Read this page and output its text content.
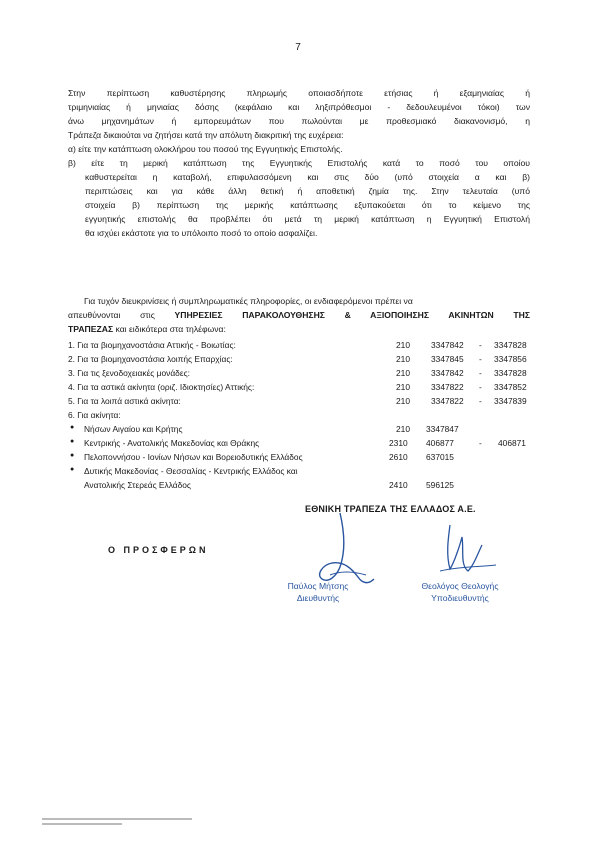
7
Στην περίπτωση καθυστέρησης πληρωμής οποιασδήποτε ετήσιας ή εξαμηνιαίας ή
τριμηνιαίας ή μηνιαίας δόσης (κεφάλαιο και ληξιπρόθεσμοι - δεδουλευμένοι τόκοι) των
άνω μηχανημάτων ή εμπορευμάτων που πωλούνται με προθεσμιακό διακανονισμό, η
Τράπεζα δικαιούται να ζητήσει κατά την απόλυτη διακριτική της ευχέρεια:
α) είτε την κατάπτωση ολοκλήρου του ποσού της Εγγυητικής Επιστολής.
β) είτε τη μερική κατάπτωση της Εγγυητικής Επιστολής κατά το ποσό του οποίου
καθυστερείται η καταβολή, επιφυλασσόμενη και στις δύο (υπό στοιχεία α και β)
περιπτώσεις και για κάθε άλλη θετική ή αποθετική ζημία της. Στην τελευταία (υπό
στοιχεία β) περίπτωση της μερικής κατάπτωσης εξυπακούεται ότι το κείμενο της
εγγυητικής επιστολής θα προβλέπει ότι μετά τη μερική κατάπτωση η Εγγυητική Επιστολή
θα ισχύει εκάστοτε για το υπόλοιπο ποσό το οποίο ασφαλίζει.
Για τυχόν διευκρινίσεις ή συμπληρωματικές πληροφορίες, οι ενδιαφερόμενοι πρέπει να
απευθύνονται στις ΥΠΗΡΕΣΙΕΣ ΠΑΡΑΚΟΛΟΥΘΗΣΗΣ & ΑΞΙΟΠΟΙΗΣΗΣ ΑΚΙΝΗΤΩΝ ΤΗΣ
ΤΡΑΠΕΖΑΣ και ειδικότερα στα τηλέφωνα:
1. Για τα βιομηχανοστάσια Αττικής - Βοιωτίας:	210	3347842 - 3347828
2. Για τα βιομηχανοστάσια λοιπής Επαρχίας:	210	3347845 - 3347856
3. Για τις ξενοδοχειακές μονάδες:	210	3347842 - 3347828
4. Για τα αστικά ακίνητα (οριζ. Ιδιοκτησίες) Αττικής:	210	3347822 - 3347852
5. Για τα λοιπά αστικά ακίνητα:	210	3347822 - 3347839
6. Για ακίνητα:
● Νήσων Αιγαίου και Κρήτης	210 3347847
● Κεντρικής - Ανατολικής Μακεδονίας και Θράκης	2310 406877	- 406871
● Πελοποννήσου - Ιονίων Νήσων και Βορειοδυτικής Ελλάδος	2610 637015
● Δυτικής Μακεδονίας - Θεσσαλίας - Κεντρικής Ελλάδος και
Ανατολικής Στερεάς Ελλάδος	2410 596125
ΕΘΝΙΚΗ ΤΡΑΠΕΖΑ ΤΗΣ ΕΛΛΑΔΟΣ Α.Ε.
Ο ΠΡΟΣΦΕΡΩΝ
Παύλος Μήτσης
Διευθυντής
Θεολόγος Θεολογής
Υποδιευθυντής
